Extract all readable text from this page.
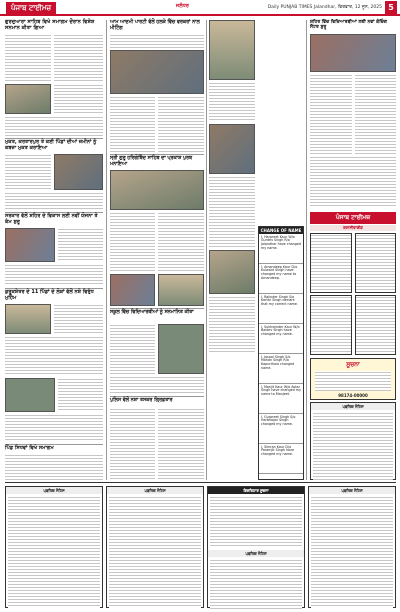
ਪੰਜਾਬ ਟਾਈਮਜ਼	ਜਲੰਧਰ	Daily PUNJAB TIMES Jalandhar, ਵਿਰਵਾਰ, 12 ਜੂਨ, 2025 5
ਗੁਰਦੁਆਰਾ ਸਾਹਿਬ ਵਿਖੇ ਸਮਾਗਮ ਦੌਰਾਨ ਵਿਸ਼ੇਸ਼ ਸਨਮਾਨ ਕੀਤਾ ਗਿਆ
ਮੁਕਤ, ਕਰਤਾਰਪੁਰ ਤੇ ਕਈ ਪਿੰਡਾਂ ਦੀਆਂ ਜ਼ਮੀਨਾਂ ਨੂੰ ਕਬਜ਼ਾ ਮੁਕਤ ਕਰਾਇਆ
ਸਰਕਾਰ ਵੱਲੋਂ ਸ਼ਹਿਰ ਦੇ ਵਿਕਾਸ ਲਈ ਨਵੀਂ ਯੋਜਨਾ ਤੇ ਕੰਮ ਸ਼ੁਰੂ
ਕੁਰੂਕਸ਼ੇਤਰ ਦੇ 11 ਪਿੰਡਾਂ ਦੇ ਲੋਕਾਂ ਵੱਲੋਂ ਨਸ਼ੇ ਵਿਰੁੱਧ ਮੁਹਿੰਮ
ਪਿੰਡ ਸਿਧਵਾਂ ਵਿਖੇ ਸਮਾਗਮ
ਆਮ ਆਦਮੀ ਪਾਰਟੀ ਵੱਲੋਂ ਹਲਕੇ ਵਿੱਚ ਵਰਕਰਾਂ ਨਾਲ ਮੀਟਿੰਗ
ਸ੍ਰੀ ਗੁਰੂ ਹਰਿਗੋਬਿੰਦ ਸਾਹਿਬ ਦਾ ਪ੍ਰਕਾਸ਼ ਪੁਰਬ ਮਨਾਇਆ
ਸਕੂਲ ਵਿੱਚ ਵਿਦਿਆਰਥੀਆਂ ਨੂੰ ਸਨਮਾਨਿਤ ਕੀਤਾ
ਪੁਲਿਸ ਵੱਲੋਂ ਨਸ਼ਾ ਤਸਕਰ ਗ੍ਰਿਫ਼ਤਾਰ
CHANGE OF NAME
I, Harpreet Kaur W/o Gurdev Singh R/o Jalandhar have changed my name.
I, Amandeep Kaur D/o Kulwant Singh have changed my name to Amandeep.
I, Rajinder Singh S/o Kartar Singh declare that my correct name.
I, Sukhwinder Kaur W/o Baldev Singh have changed my name.
I, Jaspal Singh S/o Mohan Singh R/o Kapurthala changed name.
I, Manjit Kaur W/o Avtar Singh have changed my name to Manjeet.
I, Gurpreet Singh S/o Harbhajan Singh changed my name.
I, Simran Kaur D/o Paramjit Singh have changed my name.
ਸ਼ਹਿਰ ਵਿੱਚ ਵਿਦਿਆਰਥੀਆਂ ਲਈ ਨਵਾਂ ਕੋਚਿੰਗ ਸੈਂਟਰ ਸ਼ੁਰੂ
ਪੰਜਾਬ ਟਾਈਮਜ਼
ਕਲਾਸੀਫਾਈਡ
ਸੂਚਨਾ
98174-00000
ਪਬਲਿਕ ਨੋਟਿਸ
ਪਬਲਿਕ ਨੋਟਿਸ	ਪਬਲਿਕ ਨੋਟਿਸ	ਇਸ਼ਤਿਹਾਰ ਸੂਚਨਾ
ਪਬਲਿਕ ਨੋਟਿਸ
ਪਬਲਿਕ ਨੋਟਿਸ
